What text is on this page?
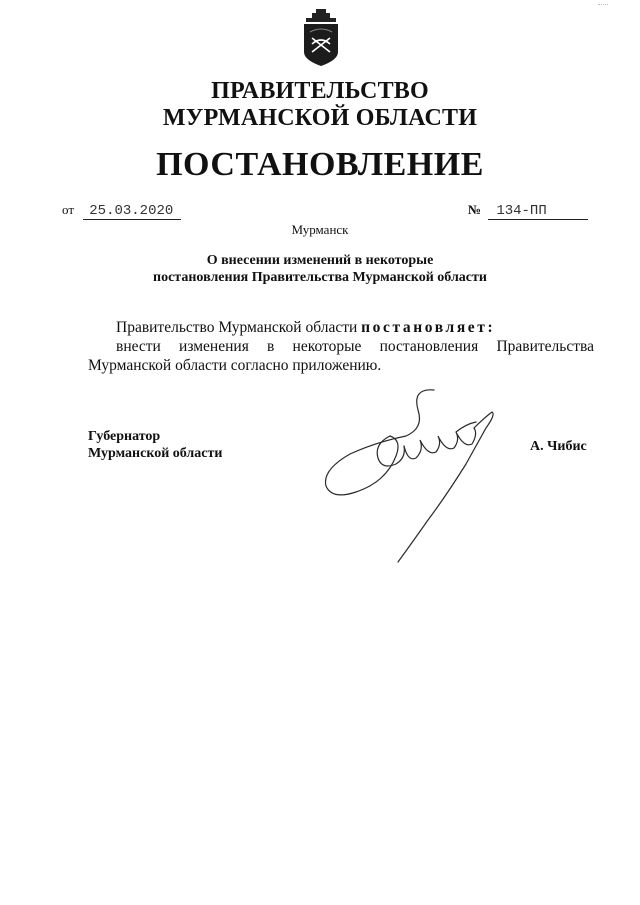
ПРАВИТЕЛЬСТВО
МУРМАНСКОЙ ОБЛАСТИ
ПОСТАНОВЛЕНИЕ
от 25.03.2020	№ 134-ПП
Мурманск
О внесении изменений в некоторые
постановления Правительства Мурманской области
Правительство Мурманской области постановляет:
внести изменения в некоторые постановления Правительства
Мурманской области согласно приложению.
Губернатор
Мурманской области	А. Чибис
